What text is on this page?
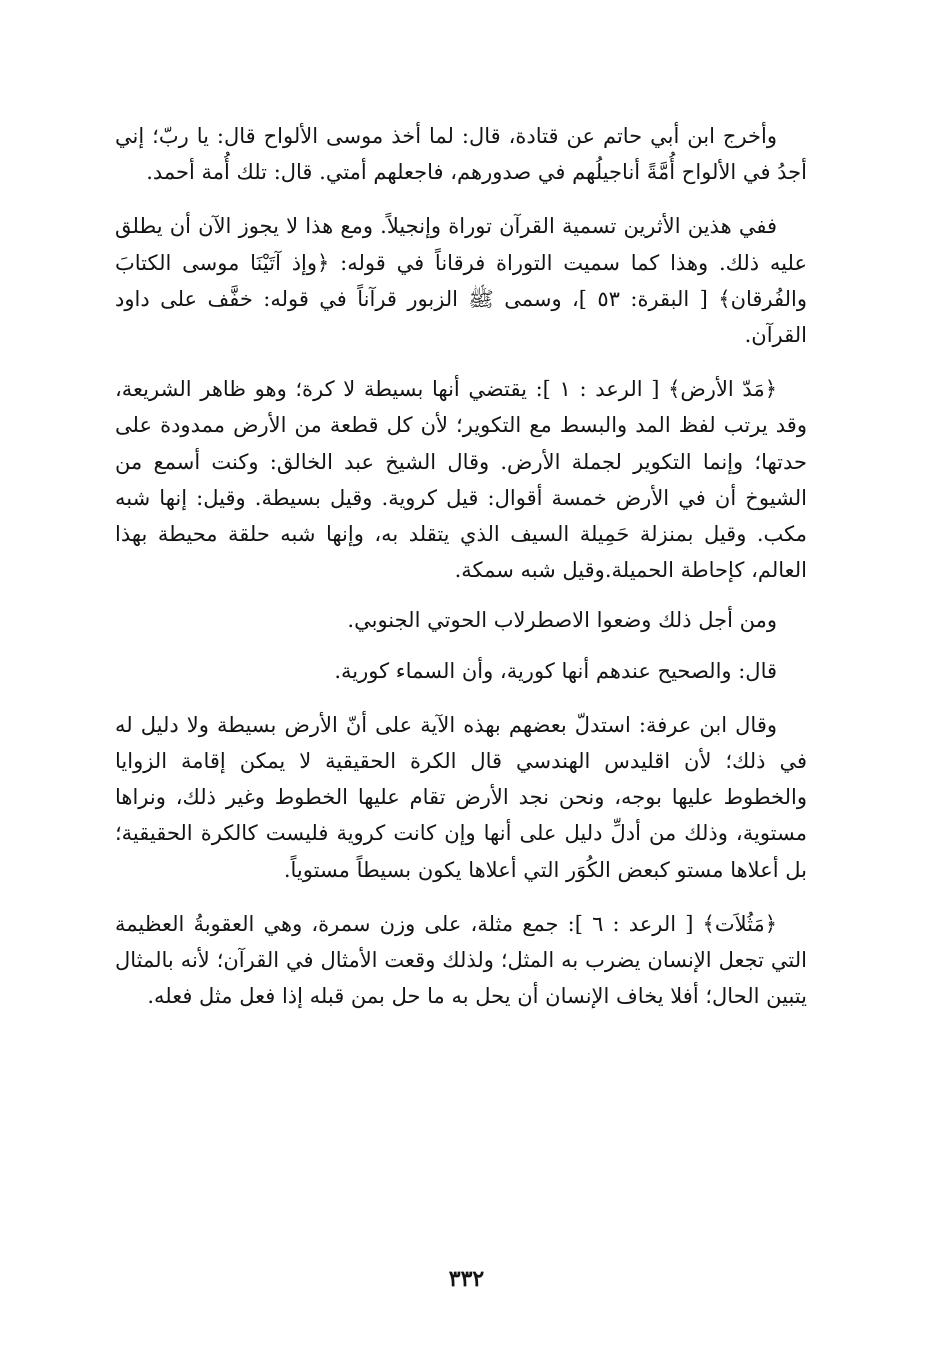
وأخرج ابن أبي حاتم عن قتادة، قال: لما أخذ موسى الألواح قال: يا ربّ؛ إني أجدُ في الألواح أُمَّةً أناجيلُهم في صدورهم، فاجعلهم أمتي. قال: تلك أُمة أحمد.

ففي هذين الأثرين تسمية القرآن توراة وإنجيلاً. ومع هذا لا يجوز الآن أن يطلق عليه ذلك. وهذا كما سميت التوراة فرقاناً في قوله: ﴿وإذ آتَيْنَا موسى الكتابَ والفُرقان﴾ [ البقرة: ٥٣ ]، وسمى ﷺ الزبور قرآناً في قوله: خفَّف على داود القرآن.

﴿مَدّ الأرض﴾ [ الرعد : ١ ]: يقتضي أنها بسيطة لا كرة؛ وهو ظاهر الشريعة، وقد يرتب لفظ المد والبسط مع التكوير؛ لأن كل قطعة من الأرض ممدودة على حدتها؛ وإنما التكوير لجملة الأرض. وقال الشيخ عبد الخالق: وكنت أسمع من الشيوخ أن في الأرض خمسة أقوال: قيل كروية. وقيل بسيطة. وقيل: إنها شبه مكب. وقيل بمنزلة حَمِيلة السيف الذي يتقلد به، وإنها شبه حلقة محيطة بهذا العالم، كإحاطة الحميلة.وقيل شبه سمكة.

ومن أجل ذلك وضعوا الاصطرلاب الحوتي الجنوبي.

قال: والصحيح عندهم أنها كورية، وأن السماء كورية.

وقال ابن عرفة: استدلّ بعضهم بهذه الآية على أنّ الأرض بسيطة ولا دليل له في ذلك؛ لأن اقليدس الهندسي قال الكرة الحقيقية لا يمكن إقامة الزوايا والخطوط عليها بوجه، ونحن نجد الأرض تقام عليها الخطوط وغير ذلك، ونراها مستوية، وذلك من أدلِّ دليل على أنها وإن كانت كروية فليست كالكرة الحقيقية؛ بل أعلاها مستو كبعض الكُوَر التي أعلاها يكون بسيطاً مستوياً.

﴿مَثُلاَت﴾ [ الرعد : ٦ ]: جمع مثلة، على وزن سمرة، وهي العقوبةُ العظيمة التي تجعل الإنسان يضرب به المثل؛ ولذلك وقعت الأمثال في القرآن؛ لأنه بالمثال يتبين الحال؛ أفلا يخاف الإنسان أن يحل به ما حل بمن قبله إذا فعل مثل فعله.

٣٣٢
